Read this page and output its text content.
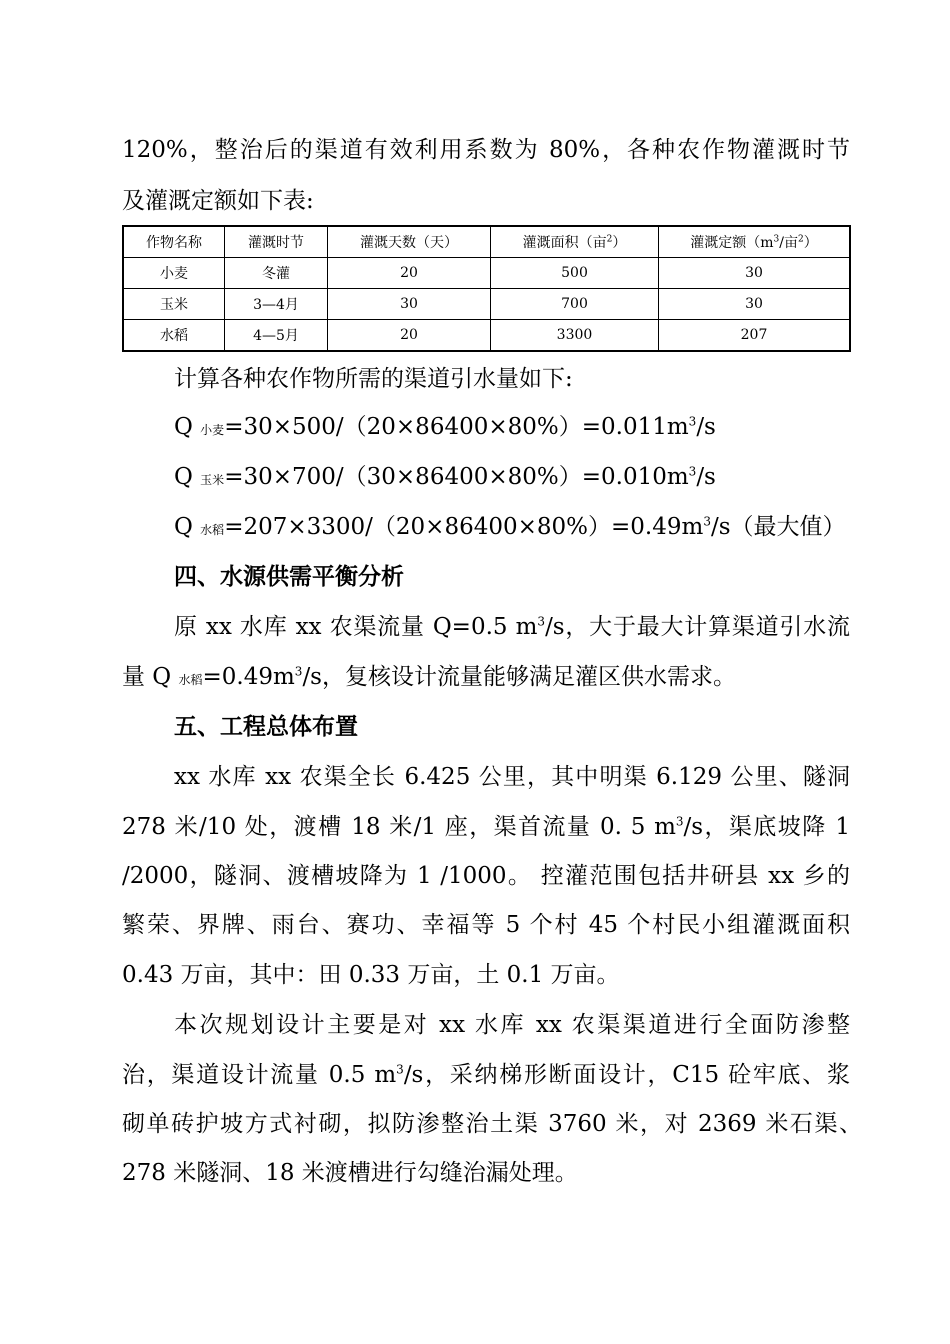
120%，整治后的渠道有效利用系数为 80%，各种农作物灌溉时节
及灌溉定额如下表:
作物名称	灌溉时节	灌溉天数（天）	灌溉面积（亩$^2$）	灌溉定额（$m^3/$亩$^2$）
小麦	冬灌	20	500	30
玉米	3—4月	30	700	30
水稻	4—5月	20	3300	207
计算各种农作物所需的渠道引水量如下:
Q 小麦$=30\times 500/(20\times 86400\times 80\%)=0.011m^3/s$
Q 玉米$=30\times 700/(30\times 86400\times 80\%)=0.010m^3/s$
Q 水稻$=207\times 3300/(20\times 86400\times 80\%)=0.49m^3/s$（最大值）
四、水源供需平衡分析
原 xx 水库 xx 农渠流量 Q=0.5 $m^3/s$，大于最大计算渠道引水流
量 Q 水稻$=0.49m^3/s$，复核设计流量能够满足灌区供水需求。
五、工程总体布置
xx 水库 xx 农渠全长 6.425 公里，其中明渠 6.129 公里、隧洞
278 米/10 处，渡槽 18 米/1 座，渠首流量 0. 5 $m^3/s$，渠底坡降 1
/2000，隧洞、渡槽坡降为 1 /1000。 控灌范围包括井研县 xx 乡的
繁荣、界牌、雨台、赛功、幸福等 5 个村 45 个村民小组灌溉面积
0.43 万亩，其中：田 0.33 万亩，土 0.1 万亩。
本次规划设计主要是对 xx 水库 xx 农渠渠道进行全面防渗整
治，渠道设计流量 0.5 $m^3/s$，采纳梯形断面设计，C15 砼牢底、浆
砌单砖护坡方式衬砌，拟防渗整治土渠 3760 米，对 2369 米石渠、
278 米隧洞、18 米渡槽进行勾缝治漏处理。
